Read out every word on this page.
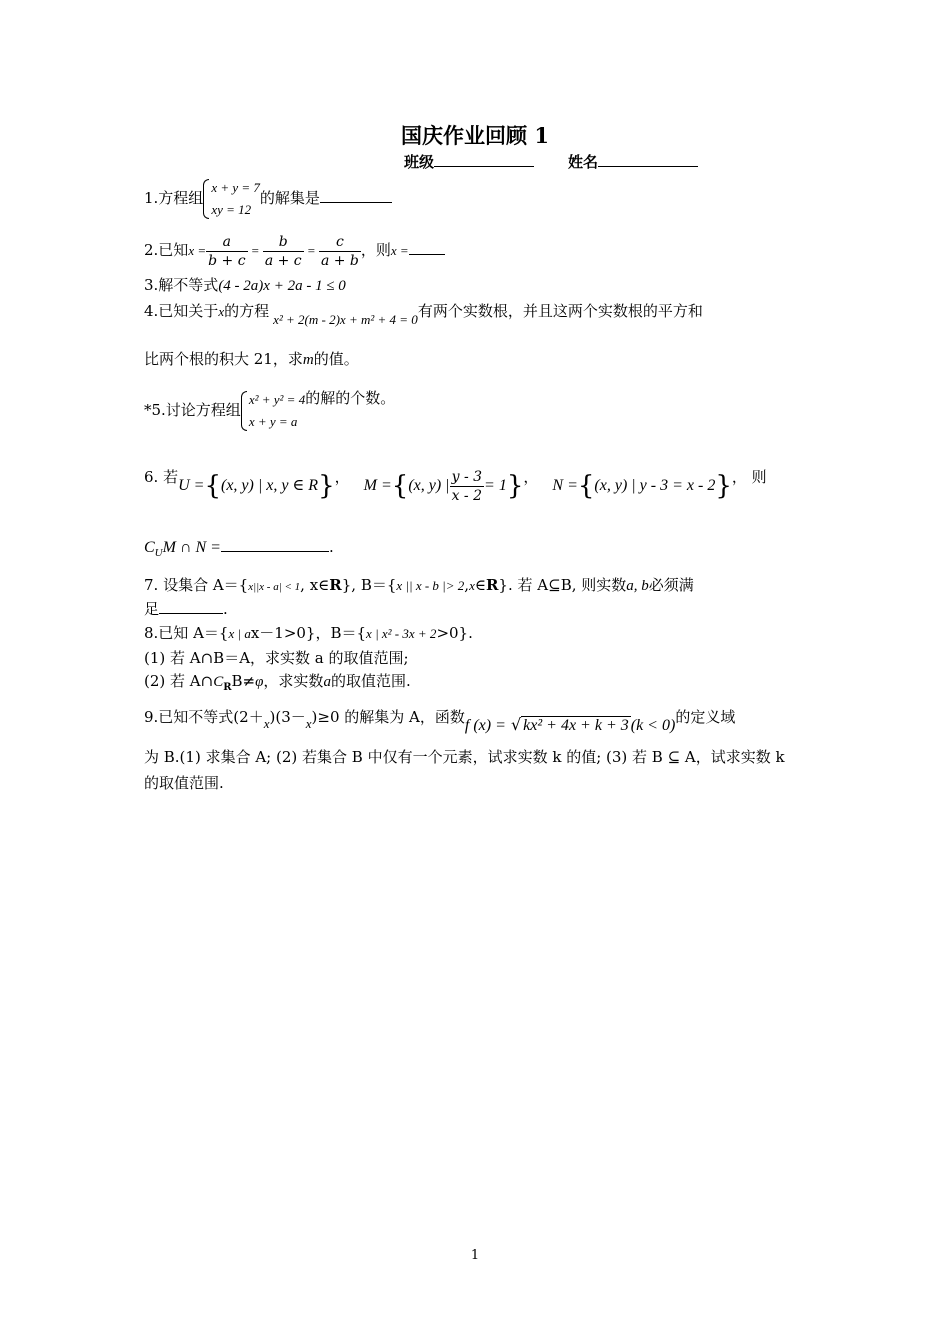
国庆作业回顾 1
班级	姓名
1.方程组
x + y = 7
xy = 12
的解集是
2.已知$x = \frac{a}{b + c} = \frac{b}{a + c} = \frac{c}{a + b}$ ，则x =
3.解不等式(4 - 2a)x + 2a - 1 ≤ 0
4.已知关于x的方程 x² + 2(m - 2)x + m² + 4 = 0有两个实数根，并且这两个实数根的平方和
比两个根的积大 21，求m的值。
*5.讨论方程组
x² + y² = 4
x + y = a
的解的个数。
6. 若U ={(x, y) | x, y ∈ R}， M ={(x, y) | $\frac{y - 3}{x - 2} = 1$}， N ={(x, y) | y - 3 = x - 2}， 则
$C_UM$ ∩ N =	.
7. 设集合 A＝{x||x - a| < 1, x∈R}, B＝{x || x - b |> 2,x∈R}. 若 A⊆B, 则实数a, b必须满
足	.
8.已知 A＝{x | ax－1>0}，B＝{x | x² - 3x + 2>0}.
(1) 若 A∩B＝A，求实数 a 的取值范围;
(2) 若 $A\cap C_RB\ne\varphi$，求实数a的取值范围.
9.已知不等式(2＋x)(3－x)≥0 的解集为 A，函数f (x) = √ kx² + 4x + k + 3 (k < 0)的定义域
为 B.(1) 求集合 A; (2) 若集合 B 中仅有一个元素，试求实数 k 的值; (3) 若 B ⊆ A，试求实数 k
的取值范围.
1
